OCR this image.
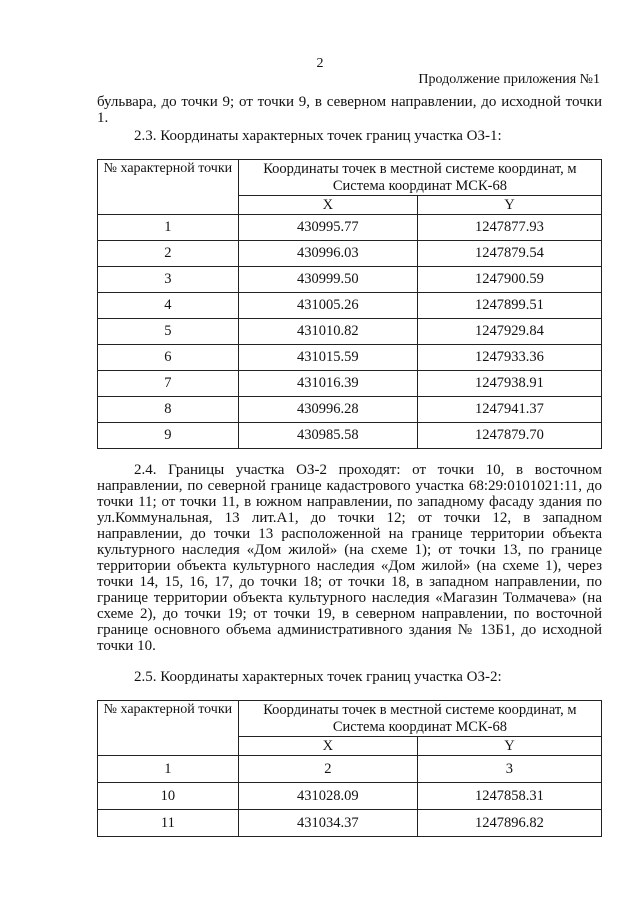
2
Продолжение приложения №1
бульвара, до точки 9; от точки 9, в северном направлении, до исходной точки 1.
2.3. Координаты характерных точек границ участка ОЗ-1:
№ характерной точки	Координаты точек в местной системе координат, м Система координат МСК-68	
	X	Y
1	430995.77	1247877.93
2	430996.03	1247879.54
3	430999.50	1247900.59
4	431005.26	1247899.51
5	431010.82	1247929.84
6	431015.59	1247933.36
7	431016.39	1247938.91
8	430996.28	1247941.37
9	430985.58	1247879.70
2.4. Границы участка ОЗ-2 проходят: от точки 10, в восточном направлении, по северной границе кадастрового участка 68:29:0101021:11, до точки 11; от точки 11, в южном направлении, по западному фасаду здания по ул.Коммунальная, 13 лит.А1, до точки 12; от точки 12, в западном направлении, до точки 13 расположенной на границе территории объекта культурного наследия «Дом жилой» (на схеме 1); от точки 13, по границе территории объекта культурного наследия «Дом жилой» (на схеме 1), через точки 14, 15, 16, 17, до точки 18; от точки 18, в западном направлении, по границе территории объекта культурного наследия «Магазин Толмачева» (на схеме 2), до точки 19; от точки 19, в северном направлении, по восточной границе основного объема административного здания № 13Б1, до исходной точки 10.
2.5. Координаты характерных точек границ участка ОЗ-2:
№ характерной точки	Координаты точек в местной системе координат, м Система координат МСК-68	
	X	Y
1	2	3
10	431028.09	1247858.31
11	431034.37	1247896.82
